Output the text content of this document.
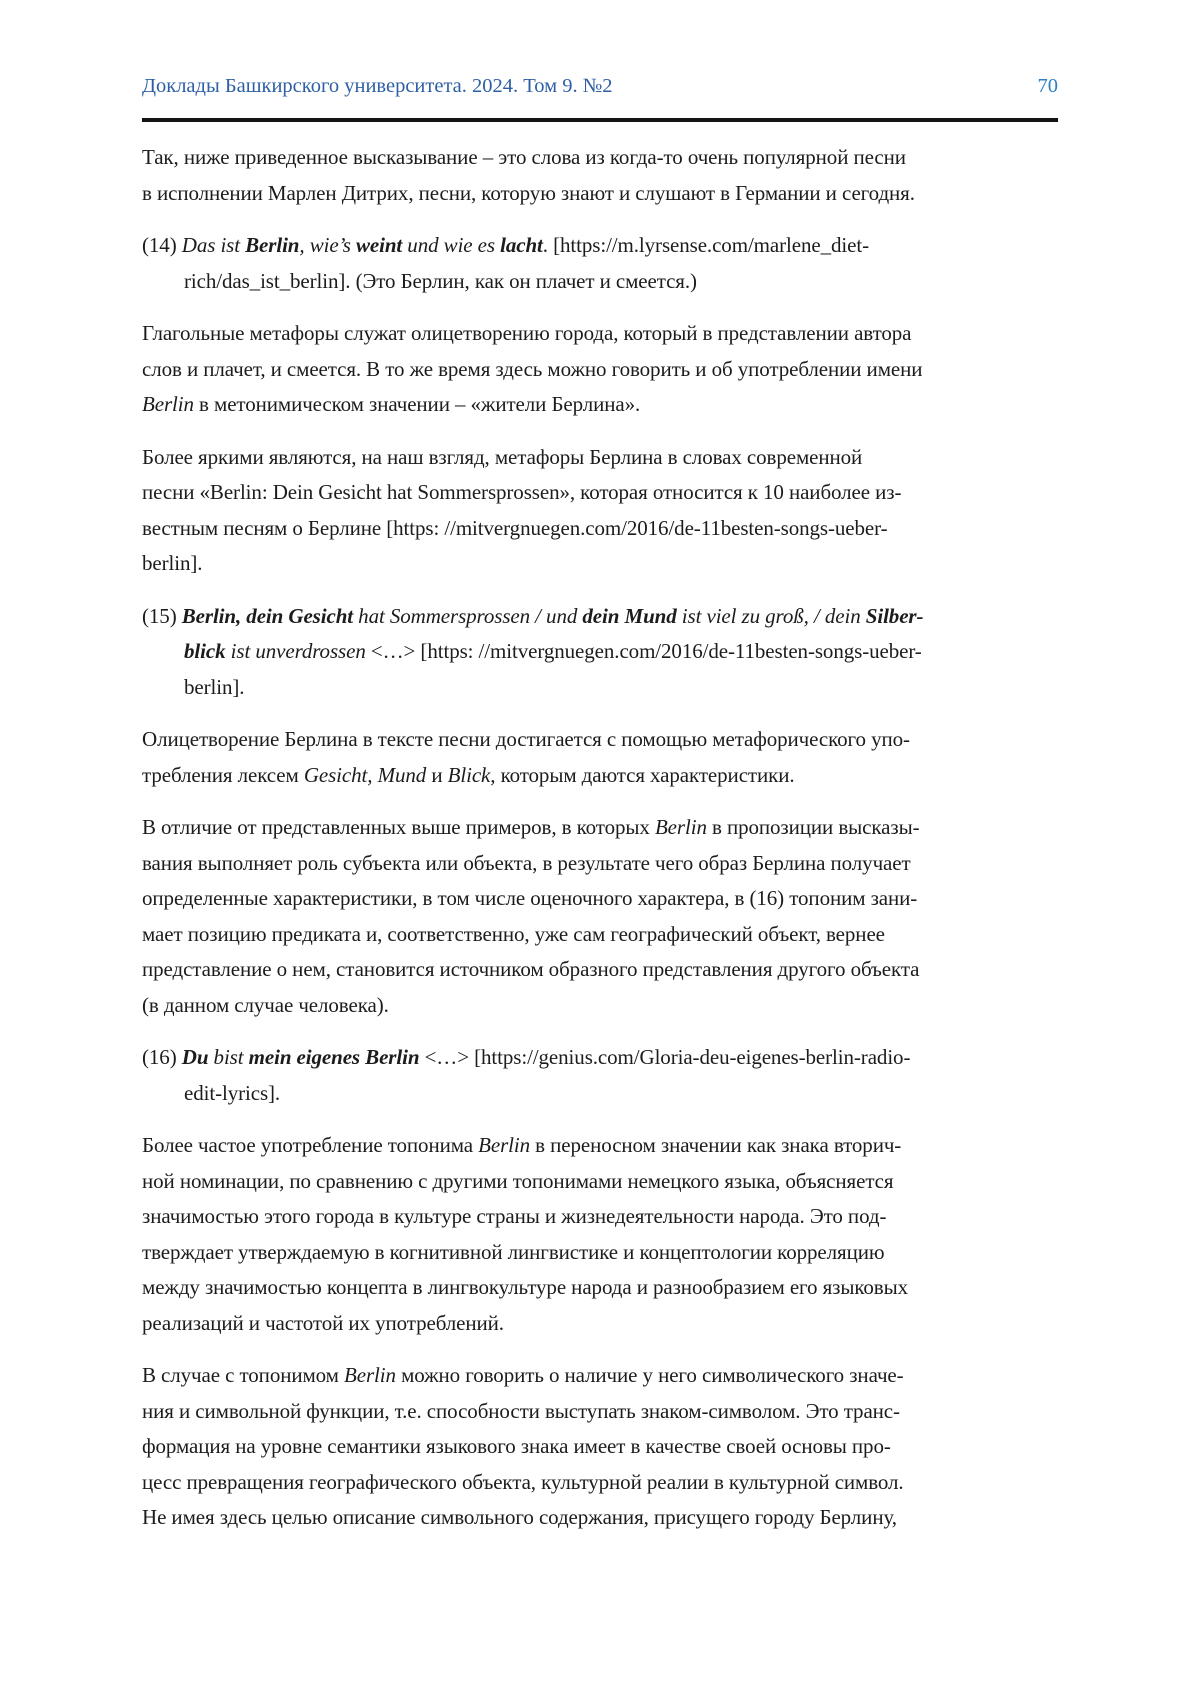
Доклады Башкирского университета. 2024. Том 9. №2	70
Так, ниже приведенное высказывание – это слова из когда-то очень популярной песни
в исполнении Марлен Дитрих, песни, которую знают и слушают в Германии и сегодня.
(14) Das ist Berlin, wie’s weint und wie es lacht. [https://m.lyrsense.com/marlene_diet-
rich/das_ist_berlin]. (Это Берлин, как он плачет и смеется.)
Глагольные метафоры служат олицетворению города, который в представлении автора
слов и плачет, и смеется. В то же время здесь можно говорить и об употреблении имени
Berlin в метонимическом значении – «жители Берлина».
Более яркими являются, на наш взгляд, метафоры Берлина в словах современной
песни «Berlin: Dein Gesicht hat Sommersprossen», которая относится к 10 наиболее из-
вестным песням о Берлине [https: //mitvergnuegen.com/2016/de-11besten-songs-ueber-
berlin].
(15) Berlin, dein Gesicht hat Sommersprossen / und dein Mund ist viel zu groß, / dein Silber-
blick ist unverdrossen <…> [https: //mitvergnuegen.com/2016/de-11besten-songs-ueber-
berlin].
Олицетворение Берлина в тексте песни достигается с помощью метафорического упо-
требления лексем Gesicht, Mund и Blick, которым даются характеристики.
В отличие от представленных выше примеров, в которых Berlin в пропозиции высказы-
вания выполняет роль субъекта или объекта, в результате чего образ Берлина получает
определенные характеристики, в том числе оценочного характера, в (16) топоним зани-
мает позицию предиката и, соответственно, уже сам географический объект, вернее
представление о нем, становится источником образного представления другого объекта
(в данном случае человека).
(16) Du bist mein eigenes Berlin <…> [https://genius.com/Gloria-deu-eigenes-berlin-radio-
edit-lyrics].
Более частое употребление топонима Berlin в переносном значении как знака вторич-
ной номинации, по сравнению с другими топонимами немецкого языка, объясняется
значимостью этого города в культуре страны и жизнедеятельности народа. Это под-
тверждает утверждаемую в когнитивной лингвистике и концептологии корреляцию
между значимостью концепта в лингвокультуре народа и разнообразием его языковых
реализаций и частотой их употреблений.
В случае с топонимом Berlin можно говорить о наличие у него символического значе-
ния и символьной функции, т.е. способности выступать знаком-символом. Это транс-
формация на уровне семантики языкового знака имеет в качестве своей основы про-
цесс превращения географического объекта, культурной реалии в культурной символ.
Не имея здесь целью описание символьного содержания, присущего городу Берлину,
